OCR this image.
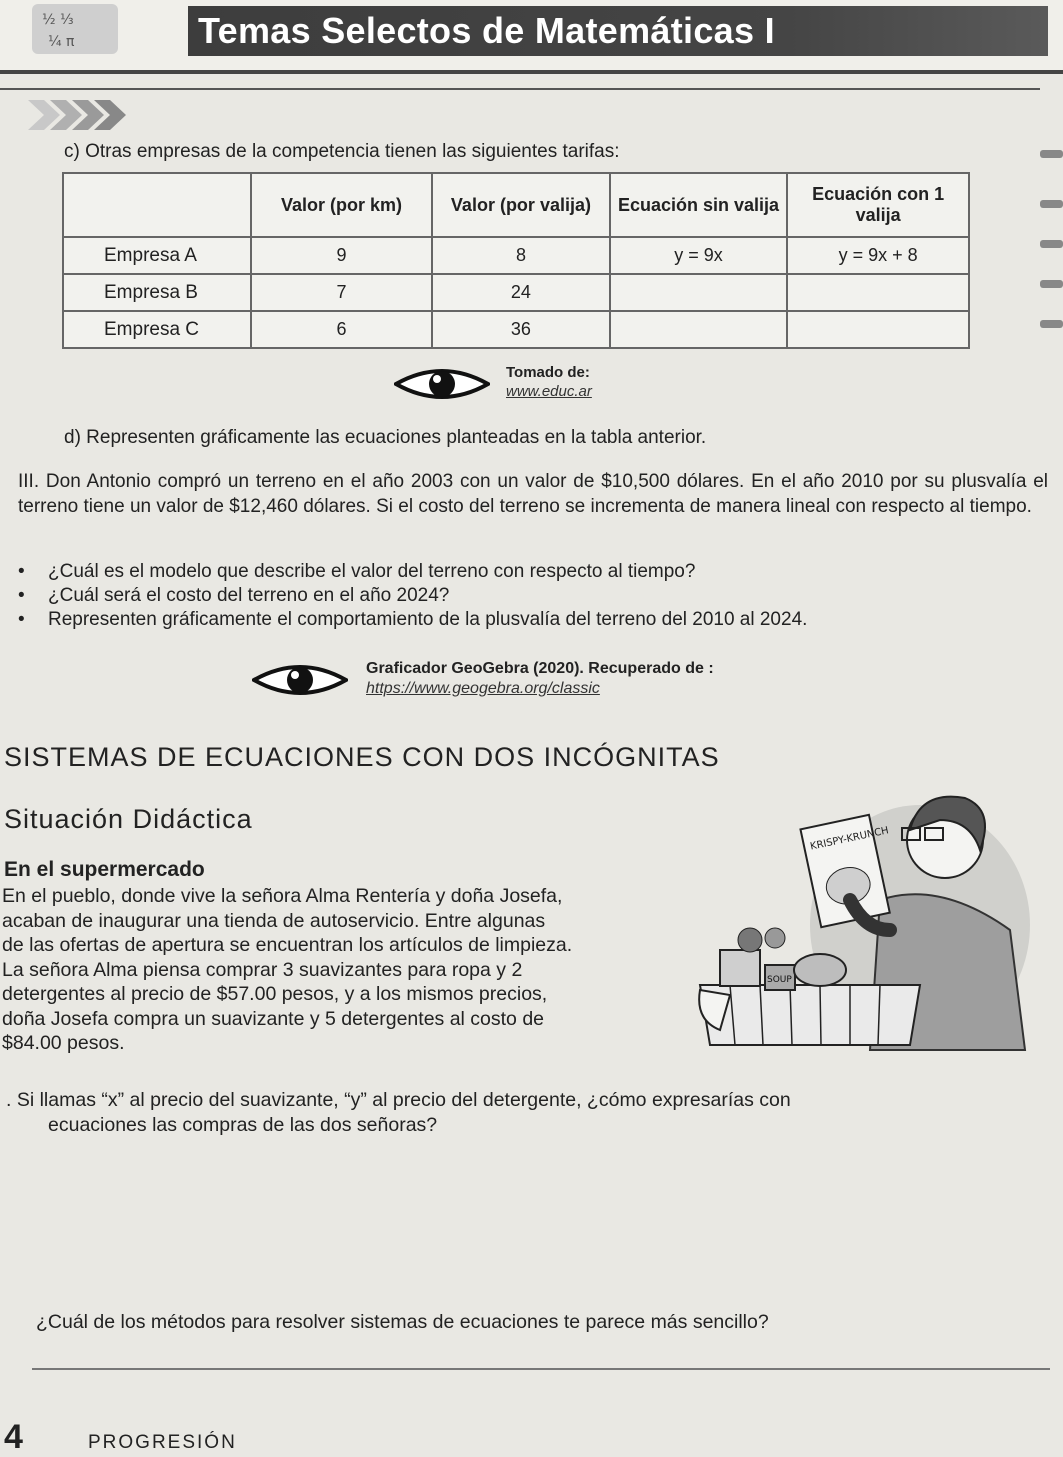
½ ⅓
¼ π	Temas Selectos de Matemáticas I
c) Otras empresas de la competencia tienen las siguientes tarifas:
	Valor (por km)	Valor (por valija)	Ecuación sin valija	Ecuación con 1 valija
Empresa A	9	8	y = 9x	y = 9x + 8
Empresa B	7	24		
Empresa C	6	36		
Tomado de:
www.educ.ar
d) Representen gráficamente las ecuaciones planteadas en la tabla anterior.
III. Don Antonio compró un terreno en el año 2003 con un valor de $10,500 dólares. En el año 2010 por su plusvalía el terreno tiene un valor de $12,460 dólares. Si el costo del terreno se incrementa de manera lineal con respecto al tiempo.
• ¿Cuál es el modelo que describe el valor del terreno con respecto al tiempo?
• ¿Cuál será el costo del terreno en el año 2024?
• Representen gráficamente el comportamiento de la plusvalía del terreno del 2010 al 2024.
Graficador GeoGebra (2020). Recuperado de :
https://www.geogebra.org/classic
SISTEMAS DE ECUACIONES CON DOS INCÓGNITAS
Situación Didáctica
En el supermercado
En el pueblo, donde vive la señora Alma Rentería y doña Josefa,
acaban de inaugurar una tienda de autoservicio. Entre algunas
de las ofertas de apertura se encuentran los artículos de limpieza.
La señora Alma piensa comprar 3 suavizantes para ropa y 2
detergentes al precio de $57.00 pesos, y a los mismos precios,
doña Josefa compra un suavizante y 5 detergentes al costo de
$84.00 pesos.
KRISPY-KRUNCH
SOUP
. Si llamas “x” al precio del suavizante, “y” al precio del detergente, ¿cómo expresarías con
ecuaciones las compras de las dos señoras?
¿Cuál de los métodos para resolver sistemas de ecuaciones te parece más sencillo?
4	PROGRESIÓN
